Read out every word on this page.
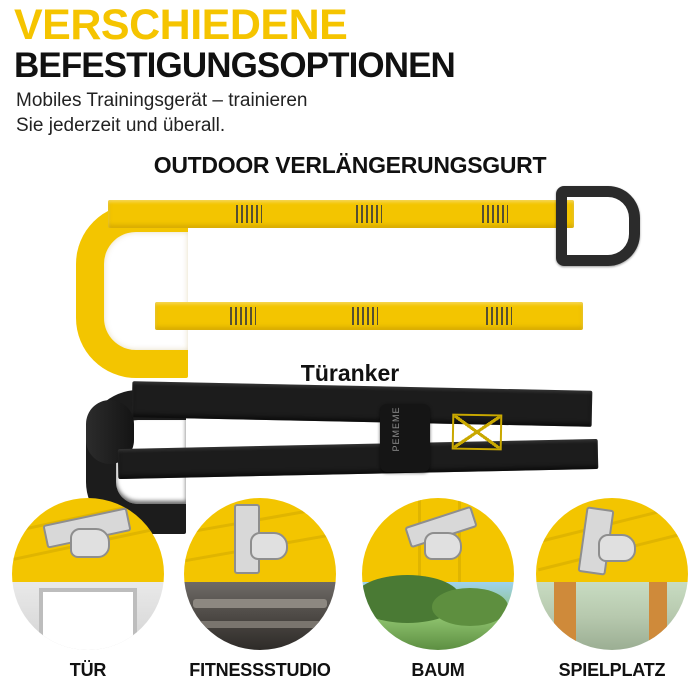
VERSCHIEDENE
BEFESTIGUNGSOPTIONEN
Mobiles Trainingsgerät – trainieren
Sie jederzeit und überall.
OUTDOOR VERLÄNGERUNGSGURT
Türanker
PEMEME
TÜR	FITNESSSTUDIO	BAUM	SPIELPLATZ
